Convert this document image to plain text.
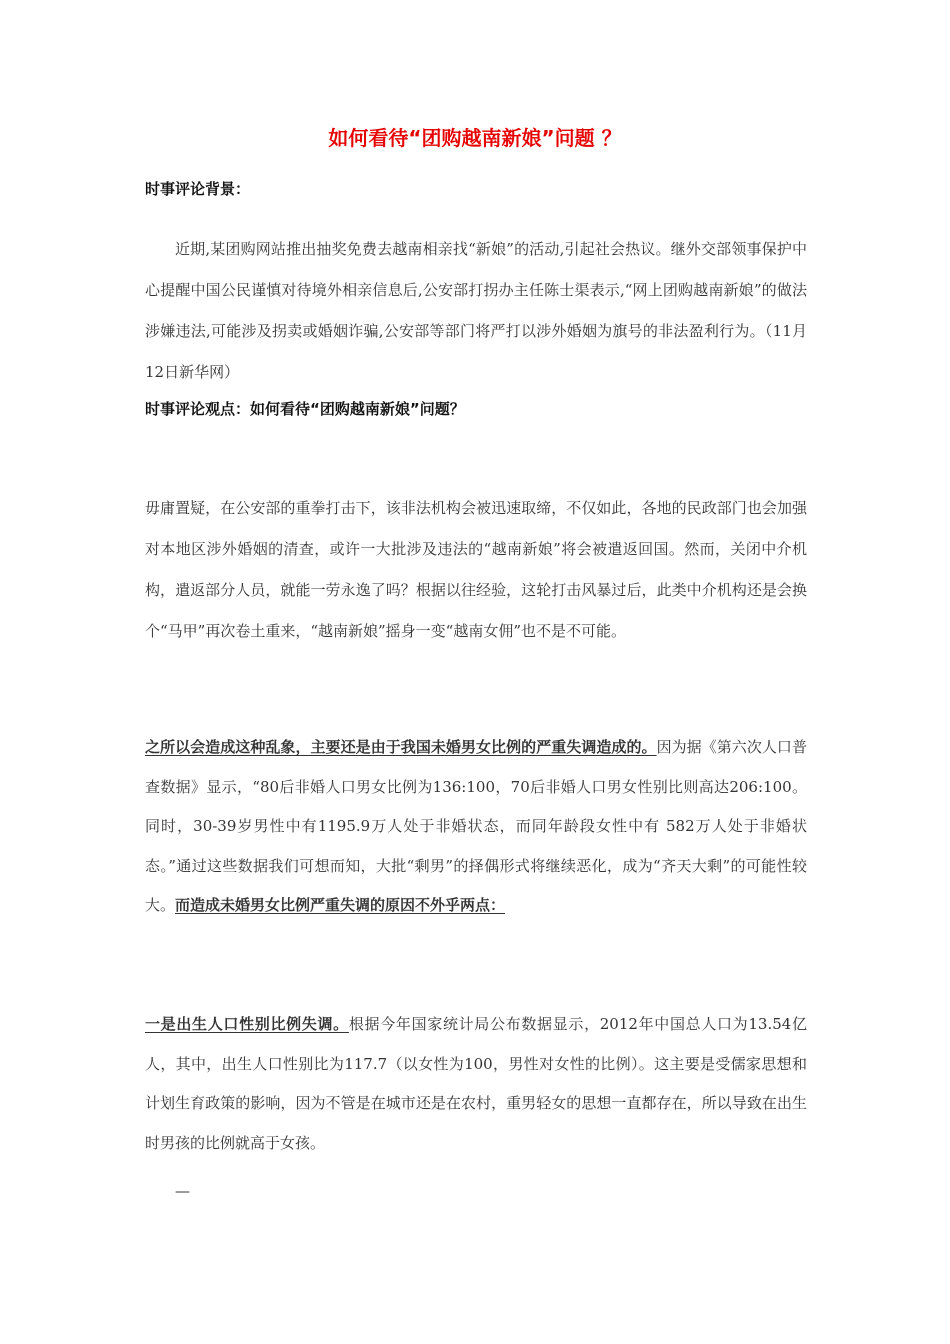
如何看待“团购越南新娘”问题 ？
时事评论背景：
近期,某团购网站推出抽奖免费去越南相亲找“新娘”的活动,引起社会热议。继外交部领事保护中心提醒中国公民谨慎对待境外相亲信息后,公安部打拐办主任陈士渠表示,“网上团购越南新娘”的做法涉嫌违法,可能涉及拐卖或婚姻诈骗,公安部等部门将严打以涉外婚姻为旗号的非法盈利行为。（11月12日新华网）
时事评论观点：如何看待“团购越南新娘”问题？
毋庸置疑，在公安部的重拳打击下，该非法机构会被迅速取缔，不仅如此，各地的民政部门也会加强对本地区涉外婚姻的清查，或许一大批涉及违法的“越南新娘”将会被遣返回国。然而，关闭中介机构，遣返部分人员，就能一劳永逸了吗？根据以往经验，这轮打击风暴过后，此类中介机构还是会换个“马甲”再次卷土重来，“越南新娘”摇身一变“越南女佣”也不是不可能。
之所以会造成这种乱象，主要还是由于我国未婚男女比例的严重失调造成的。因为据《第六次人口普查数据》显示，“80后非婚人口男女比例为136:100，70后非婚人口男女性别比则高达206:100。同时，30-39岁男性中有1195.9万人处于非婚状态，而同年龄段女性中有 582万人处于非婚状态。”通过这些数据我们可想而知，大批“剩男”的择偶形式将继续恶化，成为“齐天大剩”的可能性较大。而造成未婚男女比例严重失调的原因不外乎两点：
一是出生人口性别比例失调。根据今年国家统计局公布数据显示，2012年中国总人口为13.54亿人，其中，出生人口性别比为117.7（以女性为100，男性对女性的比例）。这主要是受儒家思想和计划生育政策的影响，因为不管是在城市还是在农村，重男轻女的思想一直都存在，所以导致在出生时男孩的比例就高于女孩。
—
